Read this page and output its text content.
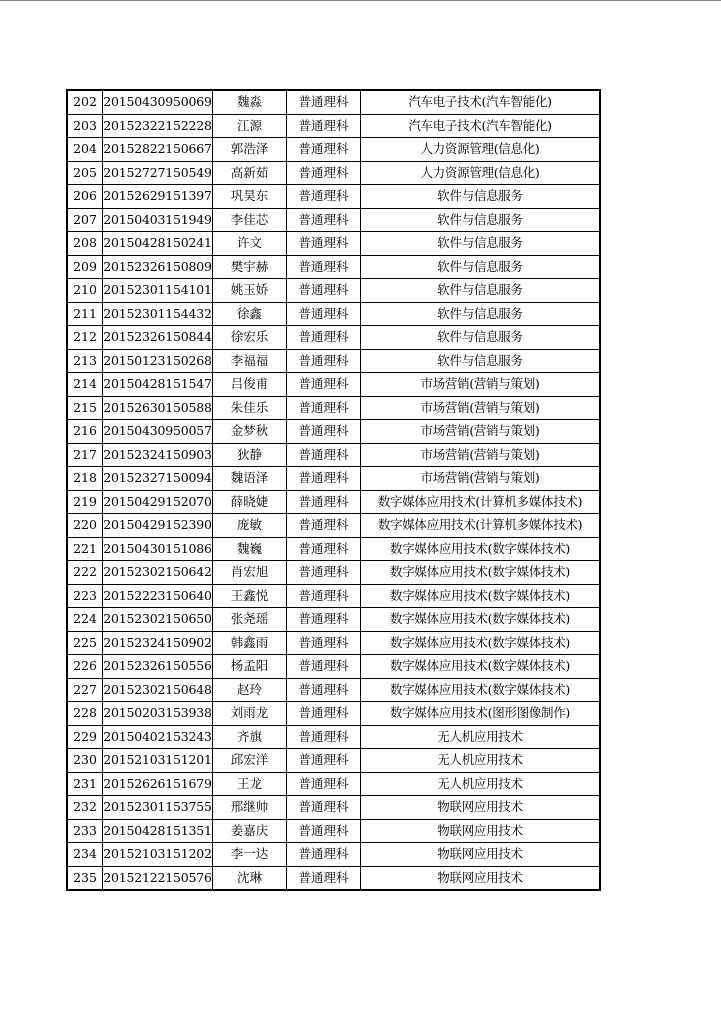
202	20150430950069	魏淼	普通理科	汽车电子技术(汽车智能化)
203	20152322152228	江源	普通理科	汽车电子技术(汽车智能化)
204	20152822150667	郭浩泽	普通理科	人力资源管理(信息化)
205	20152727150549	高新茹	普通理科	人力资源管理(信息化)
206	20152629151397	巩昊东	普通理科	软件与信息服务
207	20150403151949	李佳芯	普通理科	软件与信息服务
208	20150428150241	许文	普通理科	软件与信息服务
209	20152326150809	樊宇赫	普通理科	软件与信息服务
210	20152301154101	姚玉娇	普通理科	软件与信息服务
211	20152301154432	徐鑫	普通理科	软件与信息服务
212	20152326150844	徐宏乐	普通理科	软件与信息服务
213	20150123150268	李福福	普通理科	软件与信息服务
214	20150428151547	吕俊甫	普通理科	市场营销(营销与策划)
215	20152630150588	朱佳乐	普通理科	市场营销(营销与策划)
216	20150430950057	金梦秋	普通理科	市场营销(营销与策划)
217	20152324150903	狄静	普通理科	市场营销(营销与策划)
218	20152327150094	魏语泽	普通理科	市场营销(营销与策划)
219	20150429152070	薛晓婕	普通理科	数字媒体应用技术(计算机多媒体技术)
220	20150429152390	庞敏	普通理科	数字媒体应用技术(计算机多媒体技术)
221	20150430151086	魏巍	普通理科	数字媒体应用技术(数字媒体技术)
222	20152302150642	肖宏旭	普通理科	数字媒体应用技术(数字媒体技术)
223	20152223150640	王鑫悦	普通理科	数字媒体应用技术(数字媒体技术)
224	20152302150650	张尧瑶	普通理科	数字媒体应用技术(数字媒体技术)
225	20152324150902	韩鑫雨	普通理科	数字媒体应用技术(数字媒体技术)
226	20152326150556	杨孟阳	普通理科	数字媒体应用技术(数字媒体技术)
227	20152302150648	赵玲	普通理科	数字媒体应用技术(数字媒体技术)
228	20150203153938	刘雨龙	普通理科	数字媒体应用技术(图形图像制作)
229	20150402153243	齐旗	普通理科	无人机应用技术
230	20152103151201	邱宏洋	普通理科	无人机应用技术
231	20152626151679	王龙	普通理科	无人机应用技术
232	20152301153755	邢继帅	普通理科	物联网应用技术
233	20150428151351	姜嘉庆	普通理科	物联网应用技术
234	20152103151202	李一达	普通理科	物联网应用技术
235	20152122150576	沈琳	普通理科	物联网应用技术
